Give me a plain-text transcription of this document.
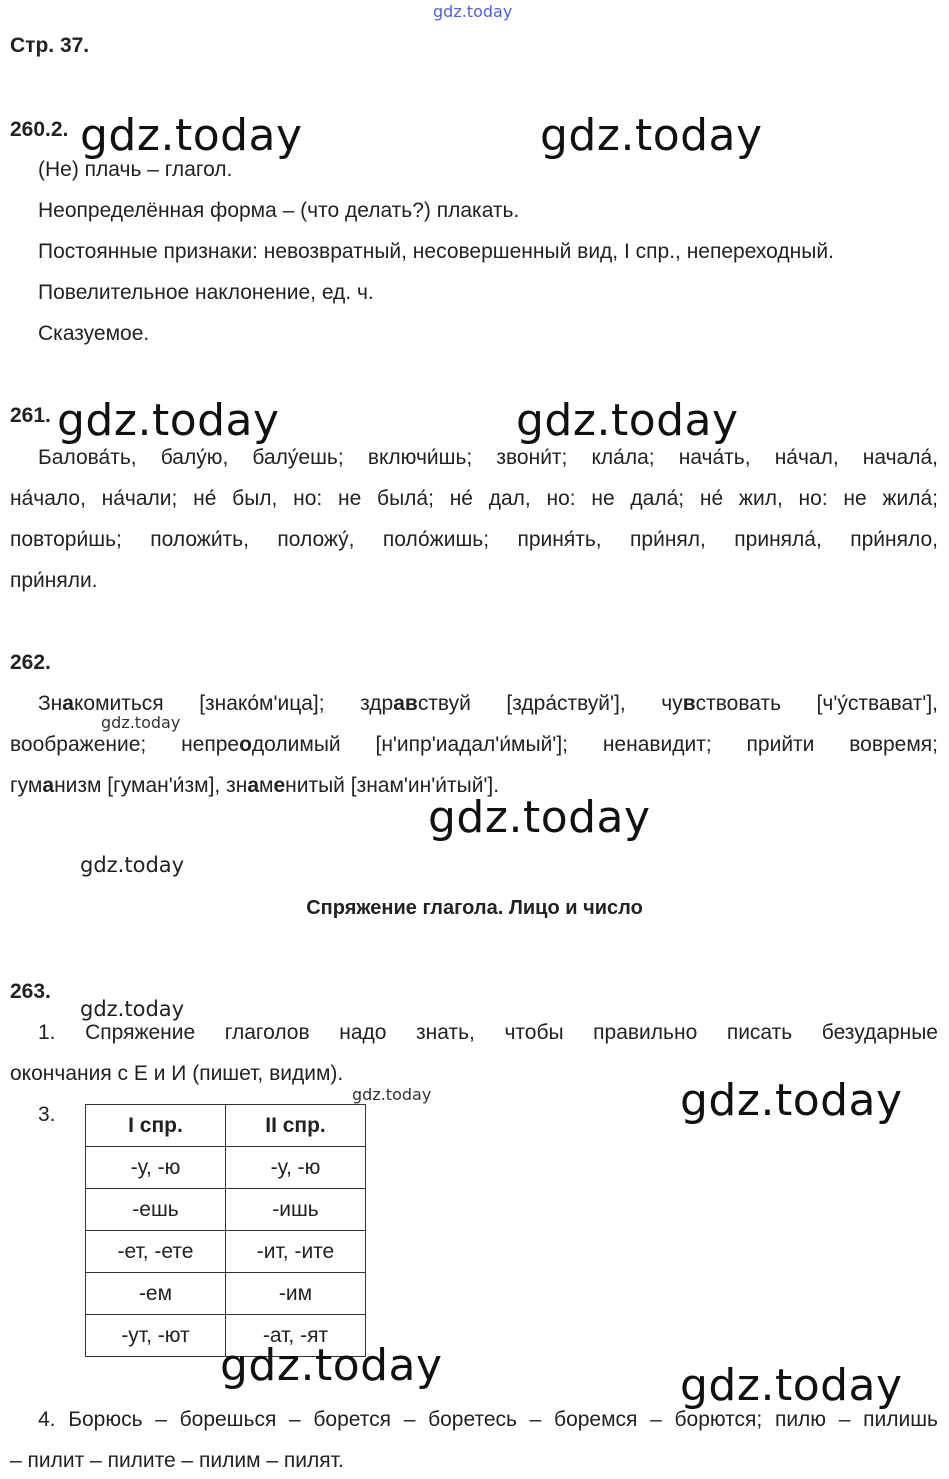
gdz.today
Стр. 37.
260.2. gdz.today	gdz.today
(Не) плачь – глагол.
Неопределённая форма – (что делать?) плакать.
Постоянные признаки: невозвратный, несовершенный вид, I спр., непереходный.
Повелительное наклонение, ед. ч.
Сказуемое.
261. gdz.today	gdz.today
Балова́ть, балу́ю, балу́ешь; включи́шь; звони́т; кла́ла; нача́ть, на́чал, начала́,
на́чало, на́чали; не́ был, но: не была́; не́ дал, но: не дала́; не́ жил, но: не жила́;
повтори́шь; положи́ть, положу́, поло́жишь; приня́ть, при́нял, приняла́, при́няло,
при́няли.
262.
Знакомиться [знако́м'ица]; здравствуй [здра́ствуй'], чувствовать [ч'у́ствават'],
gdz.today
воображение; непреодолимый [н'ипр'иадал'и́мый']; ненавидит; прийти вовремя;
гуманизм [гуман'и́зм], знаменитый [знам'ин'и́тый'].
gdz.today
gdz.today
Спряжение глагола. Лицо и число
263.
gdz.today
1. Спряжение глаголов надо знать, чтобы правильно писать безударные
окончания с Е и И (пишет, видим).
gdz.today	gdz.today
3.	I спр.	II спр.
-у, -ю	-у, -ю
-ешь	-ишь
-ет, -ете	-ит, -ите
-ем	-им
-ут, -ют	-ат, -ят
gdz.today	gdz.today
4. Борюсь – борешься – борется – боретесь – боремся – борются; пилю – пилишь
– пилит – пилите – пилим – пилят.
